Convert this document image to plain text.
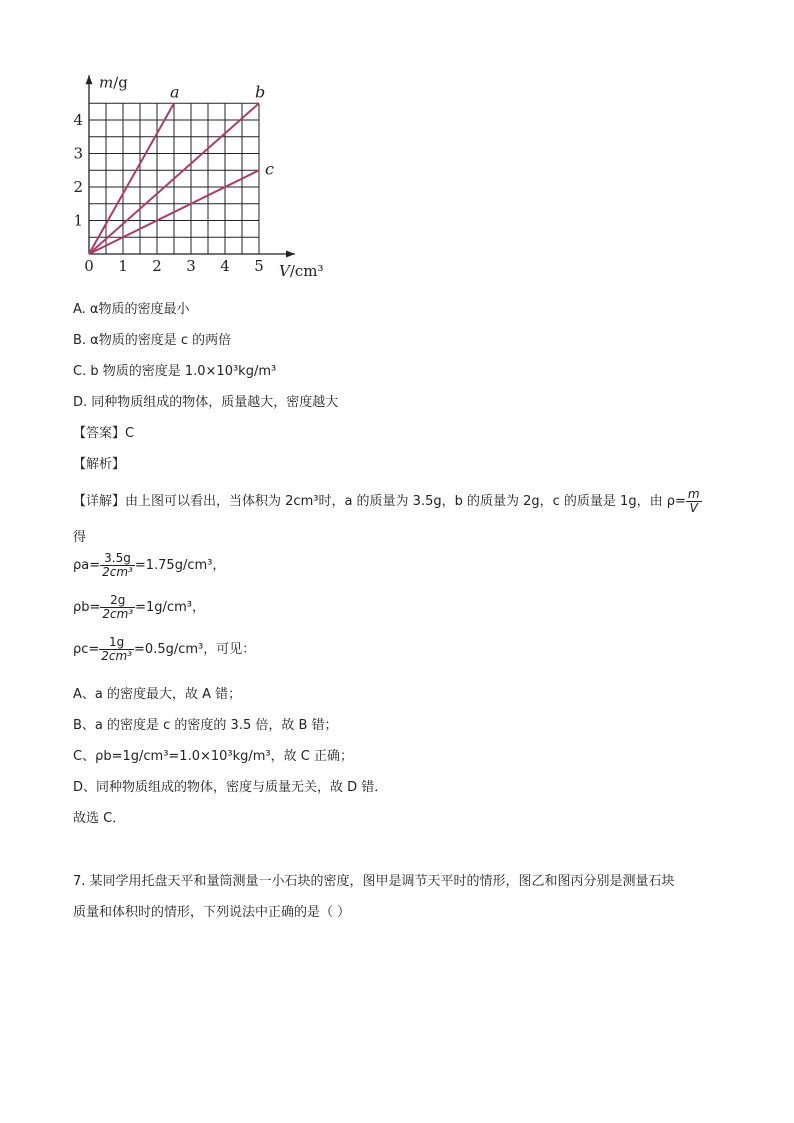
a	b
c
1 2 3 4 5
1
2
3
4
0
m/g
V/cm³
A. α物质的密度最小
B. α物质的密度是 c 的两倍
C. b 物质的密度是 1.0×10³kg/m³
D. 同种物质组成的物体，质量越大，密度越大
【答案】C
【解析】
【详解】由上图可以看出，当体积为 2cm³时，a 的质量为 3.5g，b 的质量为 2g，c 的质量是 1g，由 $\rho= \frac{m}{V}$
得
$\rho a= \frac{3.5g}{\text{2cm³}} =1.75g/cm^3$，
$\rho b= \frac{2g}{\text{2cm³}} =1g/cm^3$，
$\rho c= \frac{1g}{\text{2cm³}} =0.5g/cm^3$，可见：
A、a 的密度最大，故 A 错；
B、a 的密度是 c 的密度的 3.5 倍，故 B 错；
C、ρb=1g/cm³=1.0×10³kg/m³，故 C 正确；
D、同种物质组成的物体，密度与质量无关，故 D 错．
故选 C．
7. 某同学用托盘天平和量筒测量一小石块的密度，图甲是调节天平时的情形，图乙和图丙分别是测量石块
质量和体积时的情形，下列说法中正确的是（ ）
